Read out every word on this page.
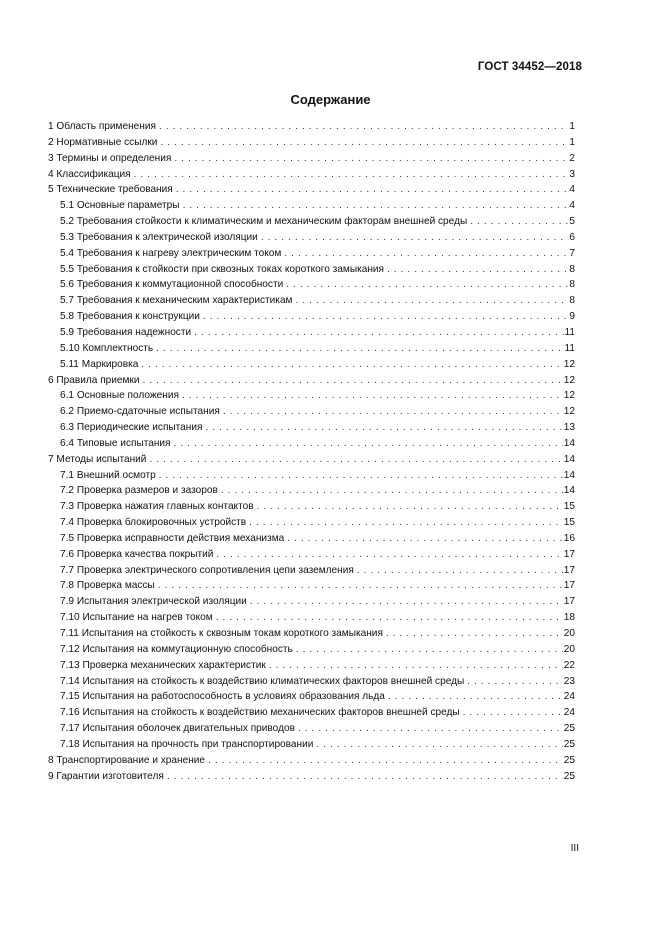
ГОСТ 34452—2018
Содержание
1 Область применения . . .	1
2 Нормативные ссылки . . .	1
3 Термины и определения . . .	2
4 Классификация . . .	3
5 Технические требования . . .	4
5.1 Основные параметры . . .	4
5.2 Требования стойкости к климатическим и механическим факторам внешней среды . . .	5
5.3 Требования к электрической изоляции . . .	6
5.4 Требования к нагреву электрическим током . . .	7
5.5 Требования к стойкости при сквозных токах короткого замыкания . . .	8
5.6 Требования к коммутационной способности . . .	8
5.7 Требования к механическим характеристикам . . .	8
5.8 Требования к конструкции . . .	9
5.9 Требования надежности . . .	11
5.10 Комплектность . . .	11
5.11 Маркировка . . .	12
6 Правила приемки . . .	12
6.1 Основные положения . . .	12
6.2 Приемо-сдаточные испытания . . .	12
6.3 Периодические испытания . . .	13
6.4 Типовые испытания . . .	14
7 Методы испытаний . . .	14
7.1 Внешний осмотр . . .	14
7.2 Проверка размеров и зазоров . . .	14
7.3 Проверка нажатия главных контактов . . .	15
7.4 Проверка блокировочных устройств . . .	15
7.5 Проверка исправности действия механизма . . .	16
7.6 Проверка качества покрытий . . .	17
7.7 Проверка электрического сопротивления цепи заземления . . .	17
7.8 Проверка массы . . .	17
7.9 Испытания электрической изоляции . . .	17
7.10 Испытание на нагрев током . . .	18
7.11 Испытания на стойкость к сквозным токам короткого замыкания . . .	20
7.12 Испытания на коммутационную способность . . .	20
7.13 Проверка механических характеристик . . .	22
7.14 Испытания на стойкость к воздействию климатических факторов внешней среды . . .	23
7.15 Испытания на работоспособность в условиях образования льда . . .	24
7.16 Испытания на стойкость к воздействию механических факторов внешней среды . . .	24
7.17 Испытания оболочек двигательных приводов . . .	25
7.18 Испытания на прочность при транспортировании . . .	25
8 Транспортирование и хранение . . .	25
9 Гарантии изготовителя . . .	25
III
